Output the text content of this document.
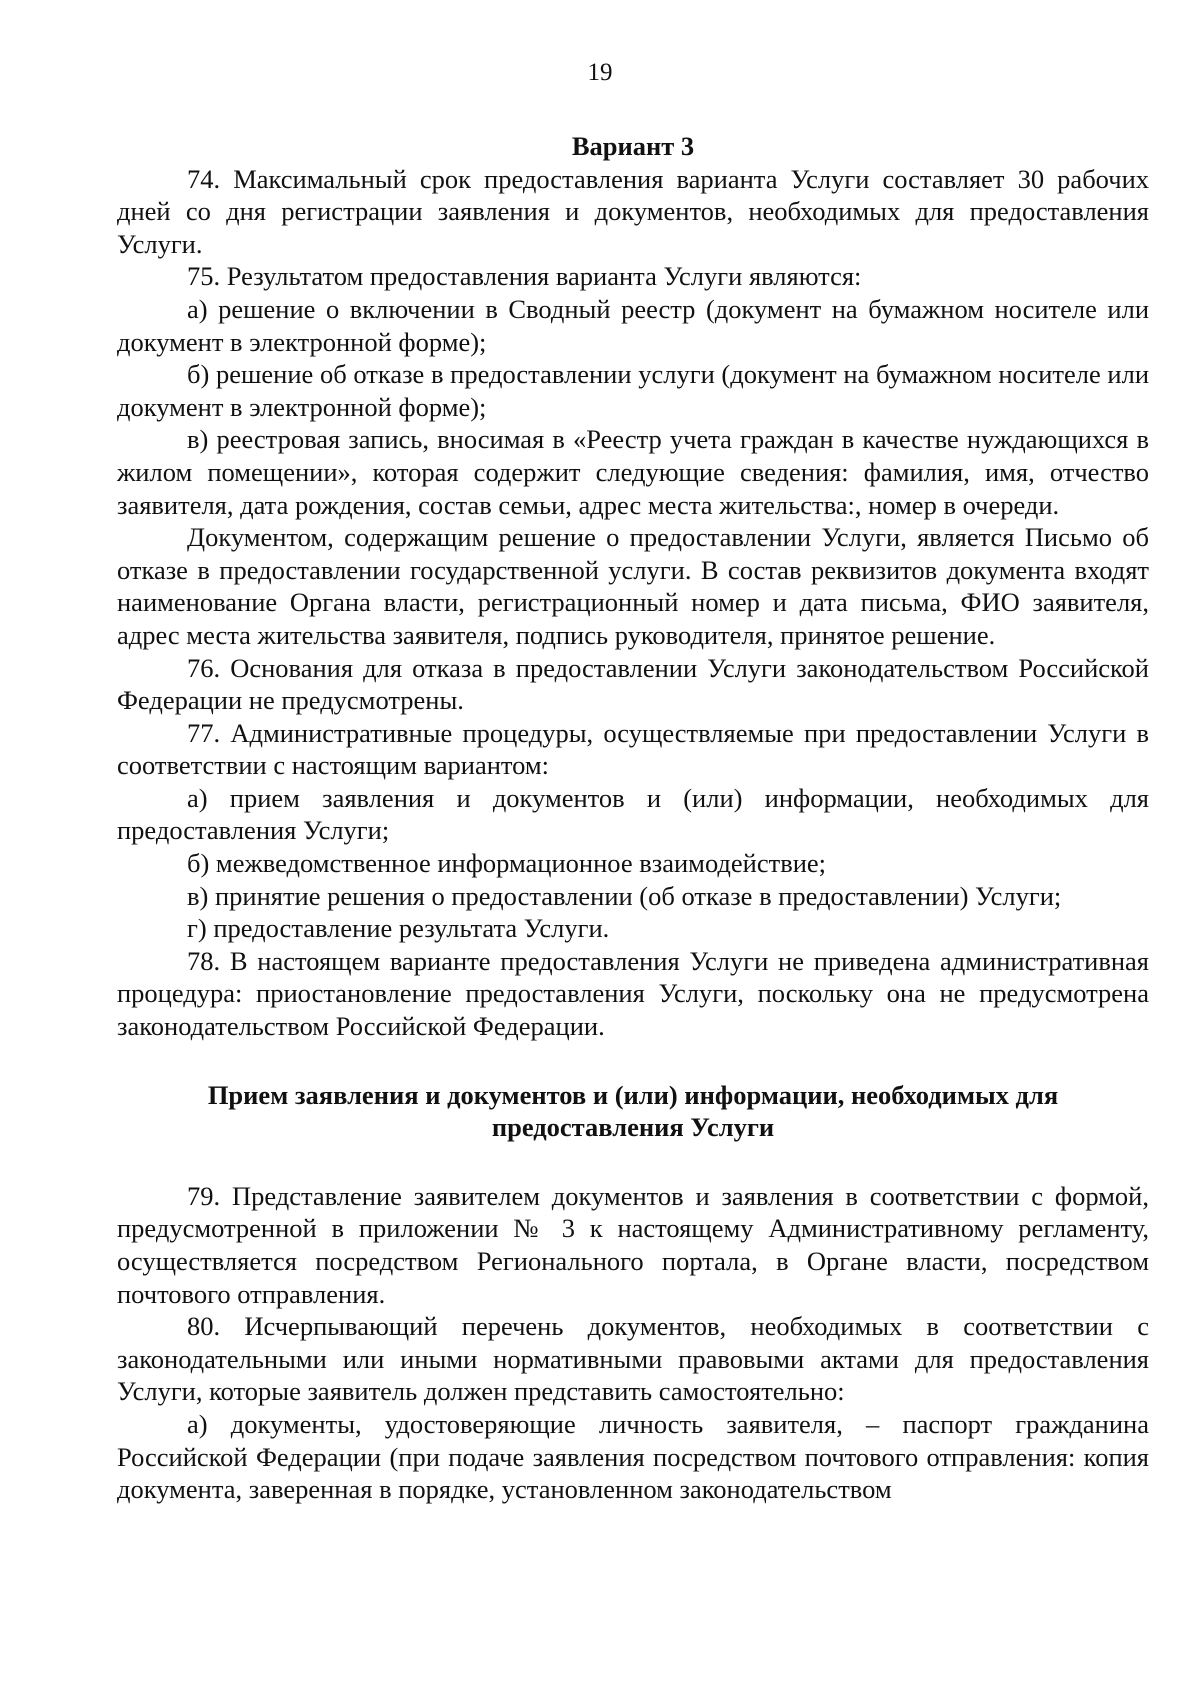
19

Вариант 3

74. Максимальный срок предоставления варианта Услуги составляет 30 рабочих дней со дня регистрации заявления и документов, необходимых для предоставления Услуги.

75. Результатом предоставления варианта Услуги являются:

а) решение о включении в Сводный реестр (документ на бумажном носителе или документ в электронной форме);

б) решение об отказе в предоставлении услуги (документ на бумажном носителе или документ в электронной форме);

в) реестровая запись, вносимая в «Реестр учета граждан в качестве нуждающихся в жилом помещении», которая содержит следующие сведения: фамилия, имя, отчество заявителя, дата рождения, состав семьи, адрес места жительства:, номер в очереди.

Документом, содержащим решение о предоставлении Услуги, является Письмо об отказе в предоставлении государственной услуги. В состав реквизитов документа входят наименование Органа власти, регистрационный номер и дата письма, ФИО заявителя, адрес места жительства заявителя, подпись руководителя, принятое решение.

76. Основания для отказа в предоставлении Услуги законодательством Российской Федерации не предусмотрены.

77. Административные процедуры, осуществляемые при предоставлении Услуги в соответствии с настоящим вариантом:

а) прием заявления и документов и (или) информации, необходимых для предоставления Услуги;

б) межведомственное информационное взаимодействие;

в) принятие решения о предоставлении (об отказе в предоставлении) Услуги;

г) предоставление результата Услуги.

78. В настоящем варианте предоставления Услуги не приведена административная процедура: приостановление предоставления Услуги, поскольку она не предусмотрена законодательством Российской Федерации.

Прием заявления и документов и (или) информации, необходимых для предоставления Услуги

79. Представление заявителем документов и заявления в соответствии с формой, предусмотренной в приложении № 3 к настоящему Административному регламенту, осуществляется посредством Регионального портала, в Органе власти, посредством почтового отправления.

80. Исчерпывающий перечень документов, необходимых в соответствии с законодательными или иными нормативными правовыми актами для предоставления Услуги, которые заявитель должен представить самостоятельно:

а) документы, удостоверяющие личность заявителя, – паспорт гражданина Российской Федерации (при подаче заявления посредством почтового отправления: копия документа, заверенная в порядке, установленном законодательством
